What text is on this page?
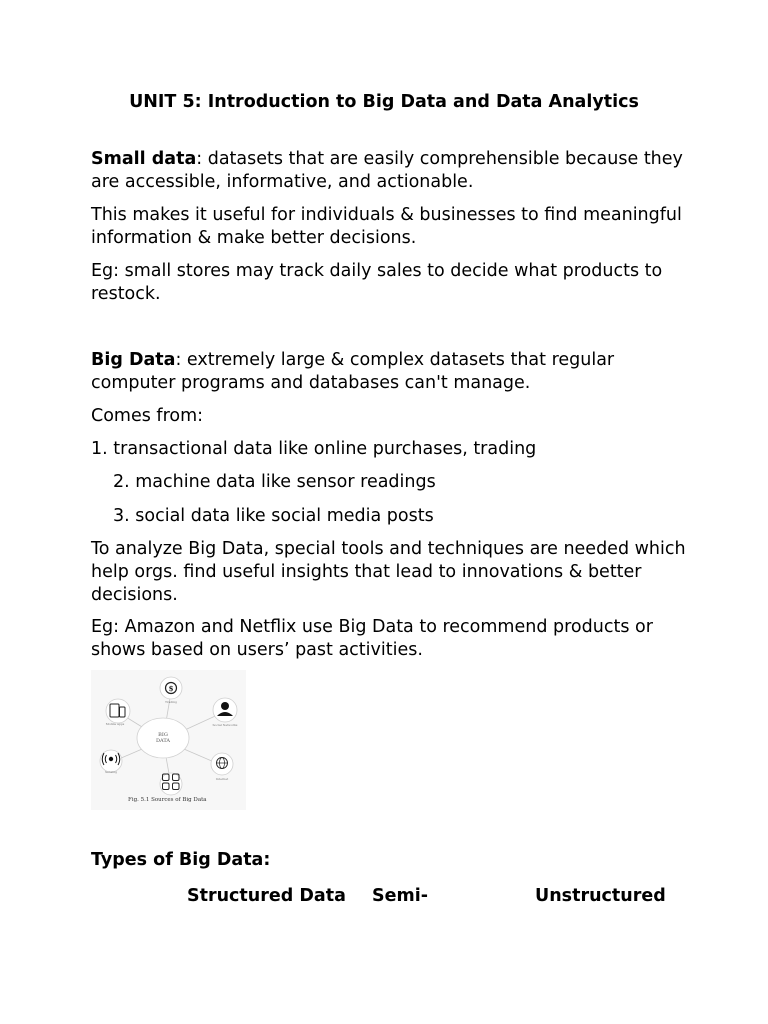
UNIT 5: Introduction to Big Data and Data Analytics

Small data: datasets that are easily comprehensible because they are accessible, informative, and actionable.

This makes it useful for individuals & businesses to find meaningful information & make better decisions.

Eg: small stores may track daily sales to decide what products to restock.

Big Data: extremely large & complex datasets that regular computer programs and databases can't manage.

Comes from:

1. transactional data like online purchases, trading

2. machine data like sensor readings

3. social data like social media posts

To analyze Big Data, special tools and techniques are needed which help orgs. find useful insights that lead to innovations & better decisions.

Eg: Amazon and Netflix use Big Data to recommend products or shows based on users’ past activities.

BIG
DATA
$
Trading
Social Networks
Internet
Sensing
Mobile apps
Fig. 5.1 Sources of Big Data
Types of Big Data:
Structured Data Semi-	Unstructured
